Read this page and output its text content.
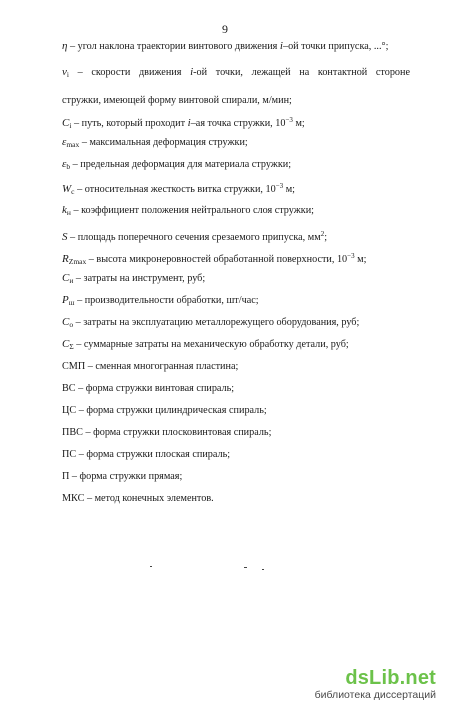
9
η – угол наклона траектории винтового движения i–ой точки припуска, ...°;
$v_i$ – скорости движения i-ой точки, лежащей на контактной стороне
стружки, имеющей форму винтовой спирали, м/мин;
$C_i$ – путь, который проходит i–ая точка стружки, $10^{-3}$ м;
$\varepsilon_{max}$ – максимальная деформация стружки;
$\varepsilon_b$ – предельная деформация для материала стружки;
$W_c$ – относительная жесткость витка стружки, $10^{-3}$ м;
$k_н$ – коэффициент положения нейтрального слоя стружки;
S – площадь поперечного сечения срезаемого припуска, $мм^2$;
$R_{Zmax}$ – высота микронеровностей обработанной поверхности, $10^{-3}$ м;
$C_и$ – затраты на инструмент, руб;
$P_ш$ – производительности обработки, шт/час;
$C_о$ – затраты на эксплуатацию металлорежущего оборудования, руб;
$C_\Sigma$ – суммарные затраты на механическую обработку детали, руб;
СМП – сменная многогранная пластина;
ВС – форма стружки винтовая спираль;
ЦС – форма стружки цилиндрическая спираль;
ПВС – форма стружки плосковинтовая спираль;
ПС – форма стружки плоская спираль;
П – форма стружки прямая;
МКС – метод конечных элементов.
dsLib.net
библиотека диссертаций
